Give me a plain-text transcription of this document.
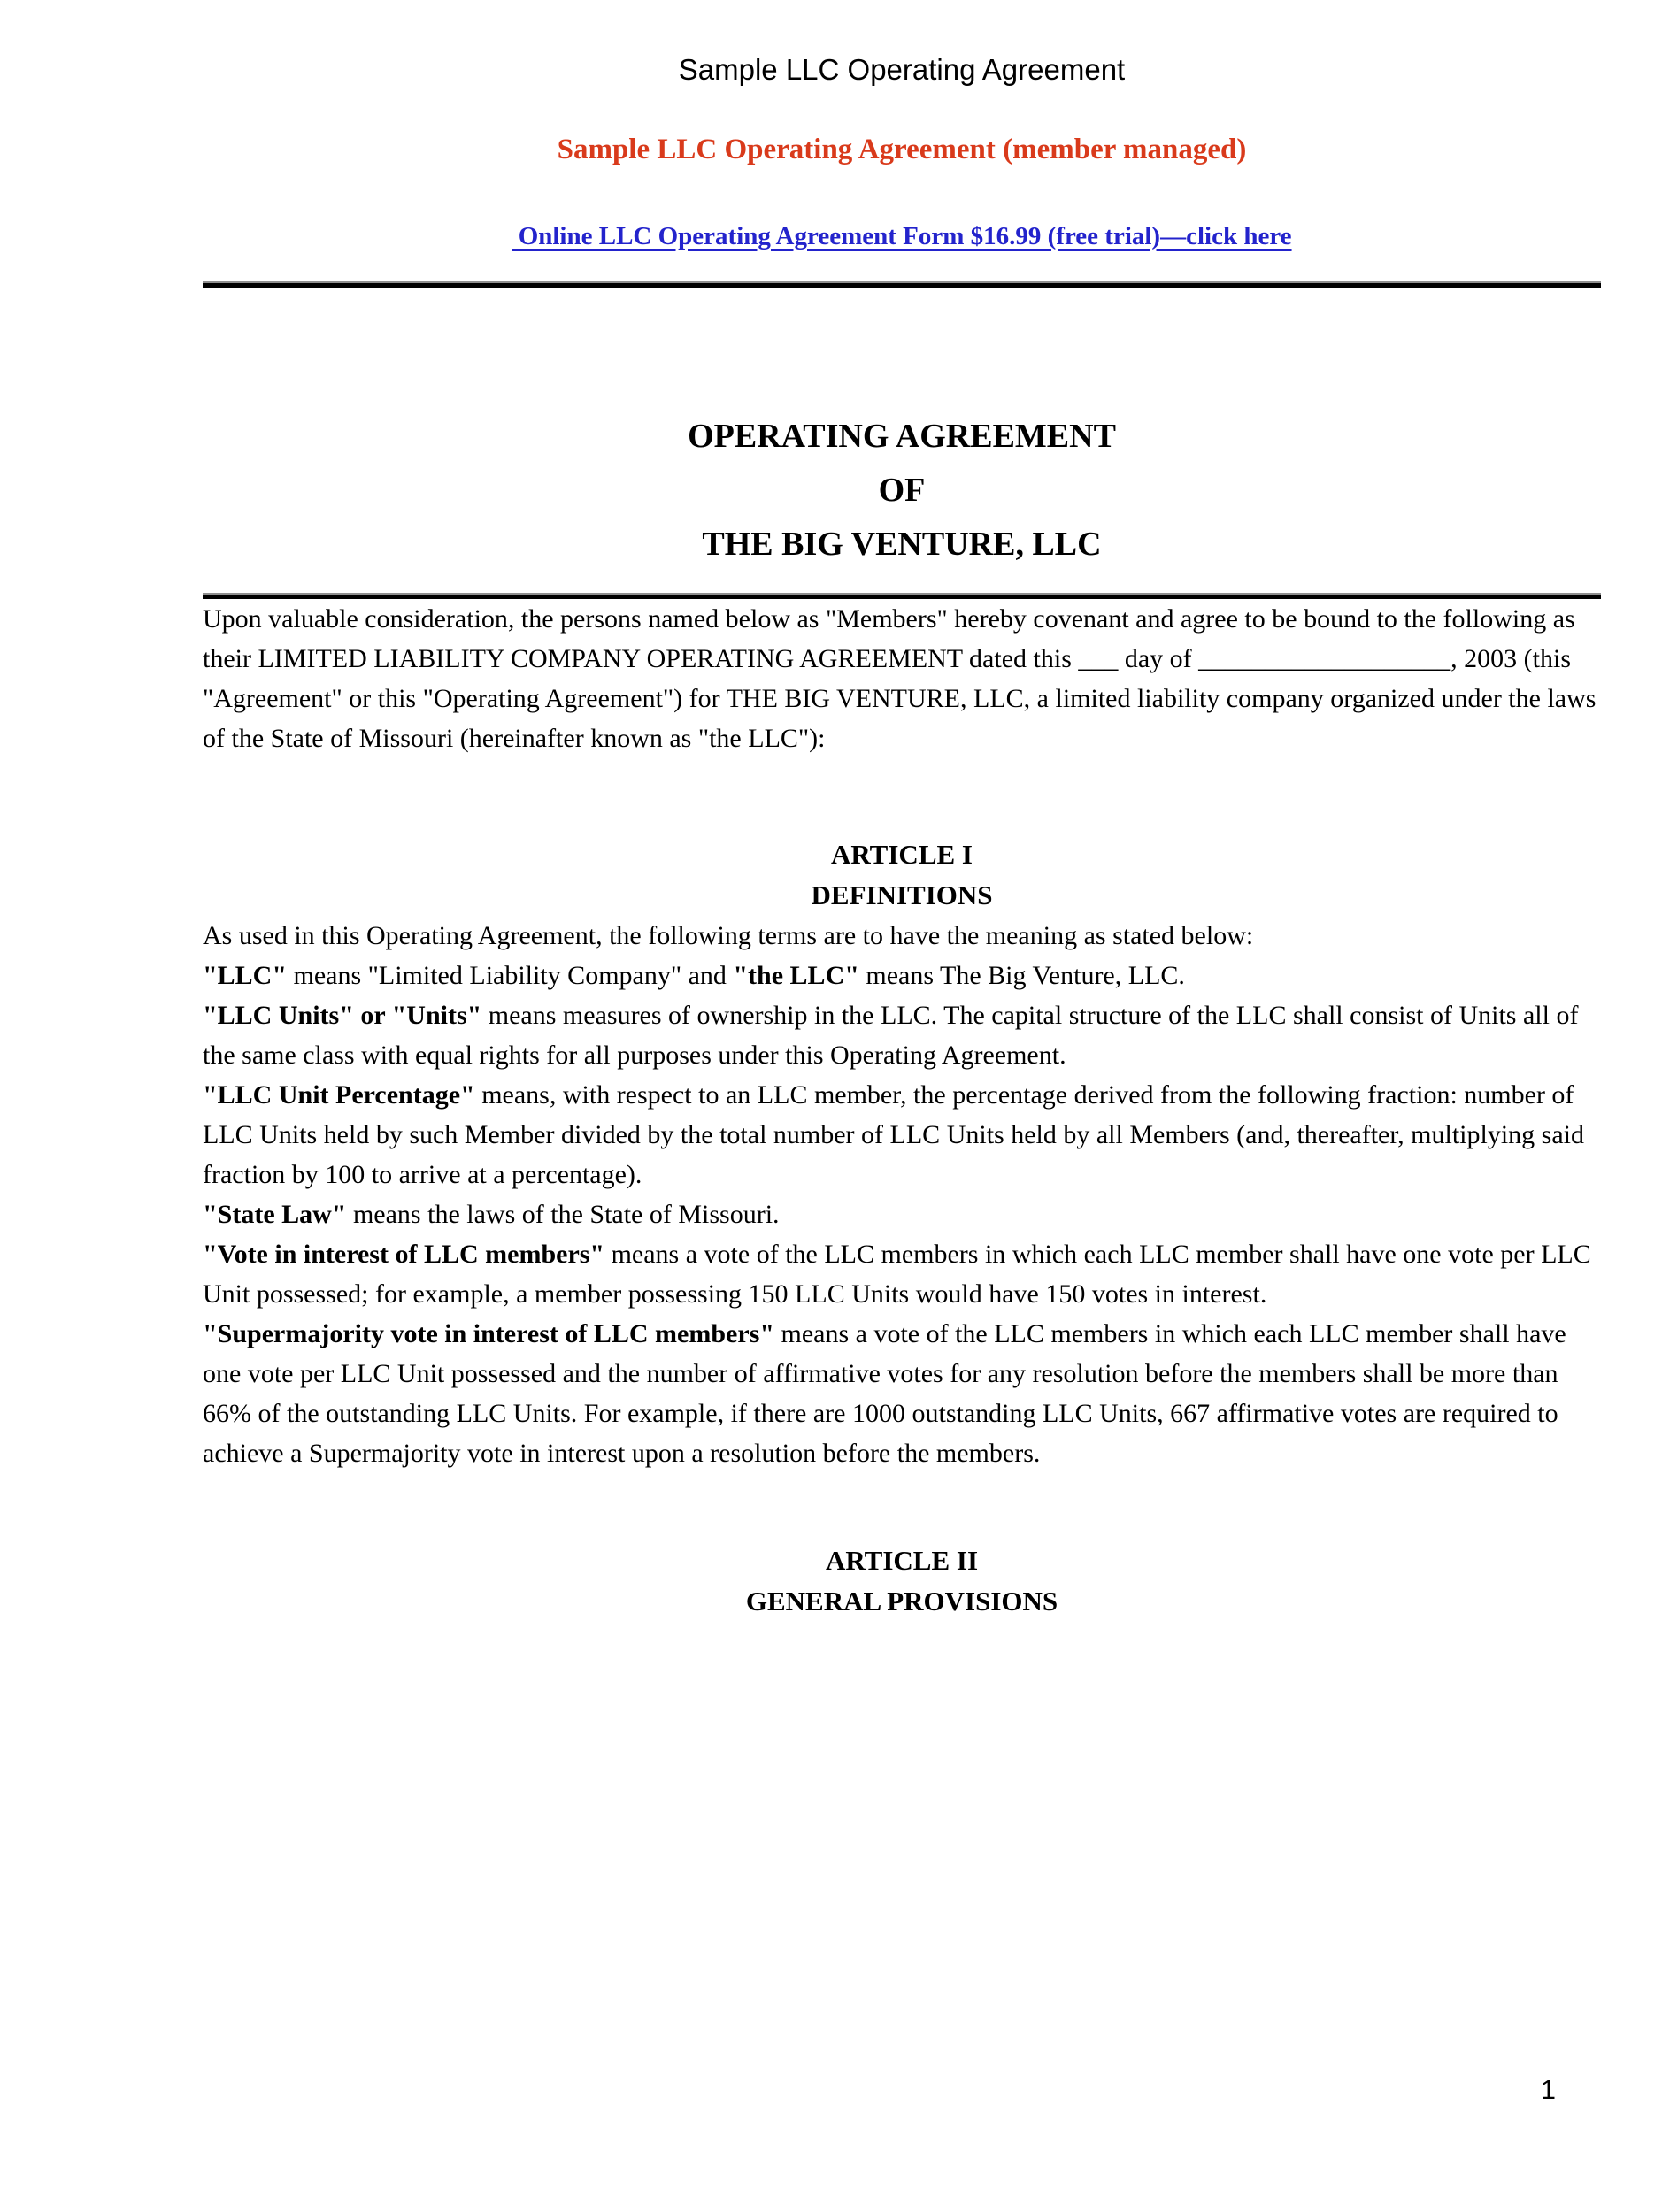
Sample LLC Operating Agreement
Sample LLC Operating Agreement (member managed)
Online LLC Operating Agreement Form $16.99 (free trial)––click here
OPERATING AGREEMENT
OF
THE BIG VENTURE, LLC

Upon valuable consideration, the persons named below as "Members" hereby covenant and agree to be bound to the following as their LIMITED LIABILITY COMPANY OPERATING AGREEMENT dated this ___ day of ___________________, 2003 (this "Agreement" or this "Operating Agreement") for THE BIG VENTURE, LLC, a limited liability company organized under the laws of the State of Missouri (hereinafter known as "the LLC"):

ARTICLE I
DEFINITIONS

As used in this Operating Agreement, the following terms are to have the meaning as stated below:

"LLC" means "Limited Liability Company" and "the LLC" means The Big Venture, LLC.

"LLC Units" or "Units" means measures of ownership in the LLC. The capital structure of the LLC shall consist of Units all of the same class with equal rights for all purposes under this Operating Agreement.

"LLC Unit Percentage" means, with respect to an LLC member, the percentage derived from the following fraction: number of LLC Units held by such Member divided by the total number of LLC Units held by all Members (and, thereafter, multiplying said fraction by 100 to arrive at a percentage).

"State Law" means the laws of the State of Missouri.

"Vote in interest of LLC members" means a vote of the LLC members in which each LLC member shall have one vote per LLC Unit possessed; for example, a member possessing 150 LLC Units would have 150 votes in interest.

"Supermajority vote in interest of LLC members" means a vote of the LLC members in which each LLC member shall have one vote per LLC Unit possessed and the number of affirmative votes for any resolution before the members shall be more than 66% of the outstanding LLC Units. For example, if there are 1000 outstanding LLC Units, 667 affirmative votes are required to achieve a Supermajority vote in interest upon a resolution before the members.

ARTICLE II
GENERAL PROVISIONS
1
